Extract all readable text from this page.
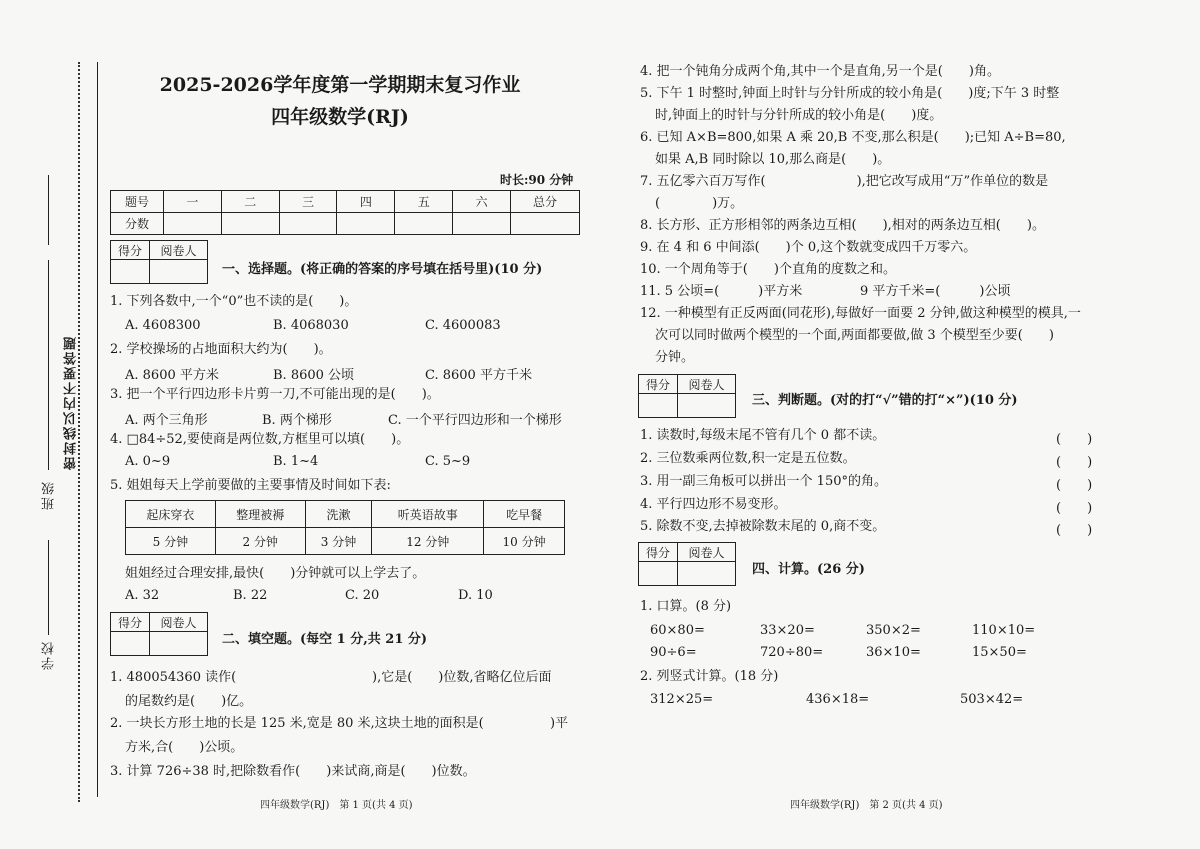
学校
班级
密封线以内不要答题
2025-2026学年度第一学期期末复习作业
四年级数学(RJ)
时长:90 分钟
题号	一	二	三	四	五	六	总分
分数							
得分	阅卷人

一、选择题。(将正确的答案的序号填在括号里)(10 分)
1. 下列各数中,一个“0”也不读的是(　　)。
A. 4608300	B. 4068030	C. 4600083
2. 学校操场的占地面积大约为(　　)。
A. 8600 平方米	B. 8600 公顷	C. 8600 平方千米
3. 把一个平行四边形卡片剪一刀,不可能出现的是(　　)。
A. 两个三角形	B. 两个梯形	C. 一个平行四边形和一个梯形
4. □84÷52,要使商是两位数,方框里可以填(　　)。
A. 0~9	B. 1~4	C. 5~9
5. 姐姐每天上学前要做的主要事情及时间如下表:
起床穿衣	整理被褥	洗漱	听英语故事	吃早餐
5 分钟	2 分钟	3 分钟	12 分钟	10 分钟
姐姐经过合理安排,最快(　　)分钟就可以上学去了。
A. 32	B. 22	C. 20	D. 10
得分	阅卷人

二、填空题。(每空 1 分,共 21 分)
1. 480054360 读作(	),它是(　　)位数,省略亿位后面
的尾数约是(　　)亿。
2. 一块长方形土地的长是 125 米,宽是 80 米,这块土地的面积是(	)平
方米,合(　　)公顷。
3. 计算 726÷38 时,把除数看作(　　)来试商,商是(　　)位数。
四年级数学(RJ)　第 1 页(共 4 页)
4. 把一个钝角分成两个角,其中一个是直角,另一个是(　　)角。
5. 下午 1 时整时,钟面上时针与分针所成的较小角是(　　)度;下午 3 时整
时,钟面上的时针与分针所成的较小角是(　　)度。
6. 已知 A×B=800,如果 A 乘 20,B 不变,那么积是(　　);已知 A÷B=80,
如果 A,B 同时除以 10,那么商是(　　)。
7. 五亿零六百万写作(　　　　　　　),把它改写成用“万”作单位的数是
(　　　　)万。
8. 长方形、正方形相邻的两条边互相(　　),相对的两条边互相(　　)。
9. 在 4 和 6 中间添(　　)个 0,这个数就变成四千万零六。
10. 一个周角等于(　　)个直角的度数之和。
11. 5 公顷=(　　　)平方米	9 平方千米=(　　　)公顷
12. 一种模型有正反两面(同花形),每做好一面要 2 分钟,做这种模型的模具,一
次可以同时做两个模型的一个面,两面都要做,做 3 个模型至少要(　　)
分钟。
得分	阅卷人

三、判断题。(对的打“√”错的打“×”)(10 分)
1. 读数时,每级末尾不管有几个 0 都不读。	(　　)
2. 三位数乘两位数,积一定是五位数。	(　　)
3. 用一副三角板可以拼出一个 150°的角。	(　　)
4. 平行四边形不易变形。	(　　)
5. 除数不变,去掉被除数末尾的 0,商不变。	(　　)
得分	阅卷人

四、计算。(26 分)
1. 口算。(8 分)
60×80=	33×20=	350×2=	110×10=
90÷6=	720÷80=	36×10=	15×50=
2. 列竖式计算。(18 分)
312×25=	436×18=	503×42=
四年级数学(RJ)　第 2 页(共 4 页)
